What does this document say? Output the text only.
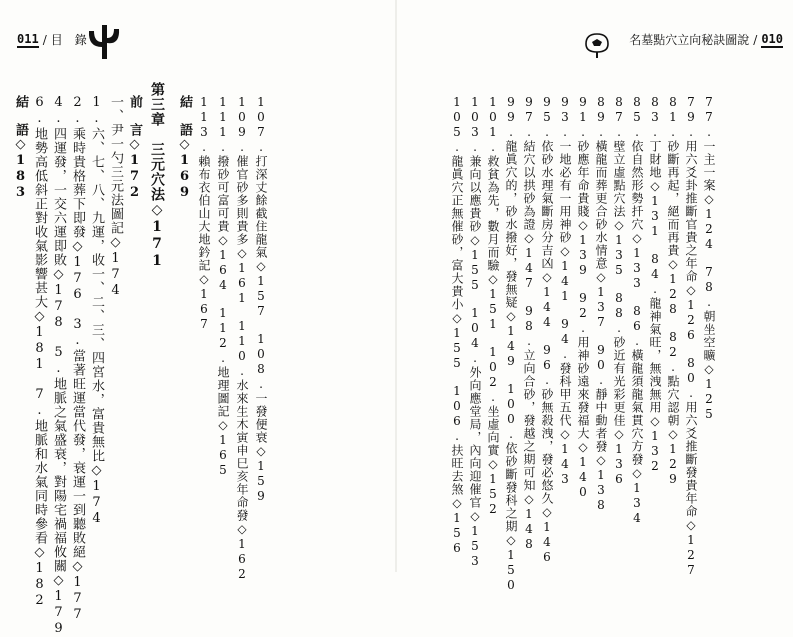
011 / 目　錄
結　語◇183 6.地勢高低斜正對收氣影響甚大◇181　7.地脈和水氣同時參看◇182 4.四運發，一交六運即敗◇178　5.地脈之氣盛衰，對陽宅禍福攸關◇179 2.乘時貴格葬下即發◇176　3.當著旺運當代發，衰運一到聽敗絕◇177 1.六、七、八、九運，收一、二、三、四宮水，富貴無比◇174 一、尹一勺三元法圖記◇174 前　言◇172 第三章　三元穴法◇171 結　語◇169 113.賴布衣伯山大地鈐記◇167 111.撥砂可富可貴◇164　112.地理圖記◇165 109.催官砂多則貴多◇161　110.水來生木寅申巳亥年命發◇162 107.打深丈餘截住龍氣◇157　108.一發便衰◇159
名墓點穴立向秘訣圖說 / 010
105.龍眞穴正無催砂，富大貴小◇155　106.扶旺去煞◇156 103.兼向以應貴砂◇155　104.外向應堂局，內向迎催官◇153 101.救貧為先，數月而驗◇151　102.坐虛向實◇152 99.龍眞穴的，砂水撥好，發無疑◇149　100.依砂斷發科之期◇150 97.結穴以拱砂為證◇147　98.立向合砂，發越之期可知◇148 95.依砂水理氣斷房分吉凶◇144　96.砂無殺洩，發必悠久◇146 93.一地必有一用神砂◇141　94.發科甲五代◇143 91.砂應年命貴賤◇139　92.用神砂遠來發福大◇140 89.橫龍而葬更合砂水情意◇137　90.靜中動者發◇138 87.壁立虛點穴法◇135　88.砂近有光彩更佳◇136 85.依自然形勢扦穴◇133　86.橫龍須龍氣貫穴方發◇134 83.丁財地◇131　84.龍神氣旺，無洩無用◇132 81.砂斷再起，絕而再貴◇128　82.點穴認朝◇129 79.用六爻卦推斷官貴之年命◇126　80.用六爻推斷發貴年命◇127 77.一主一案◇124　78.朝坐空曠◇125
